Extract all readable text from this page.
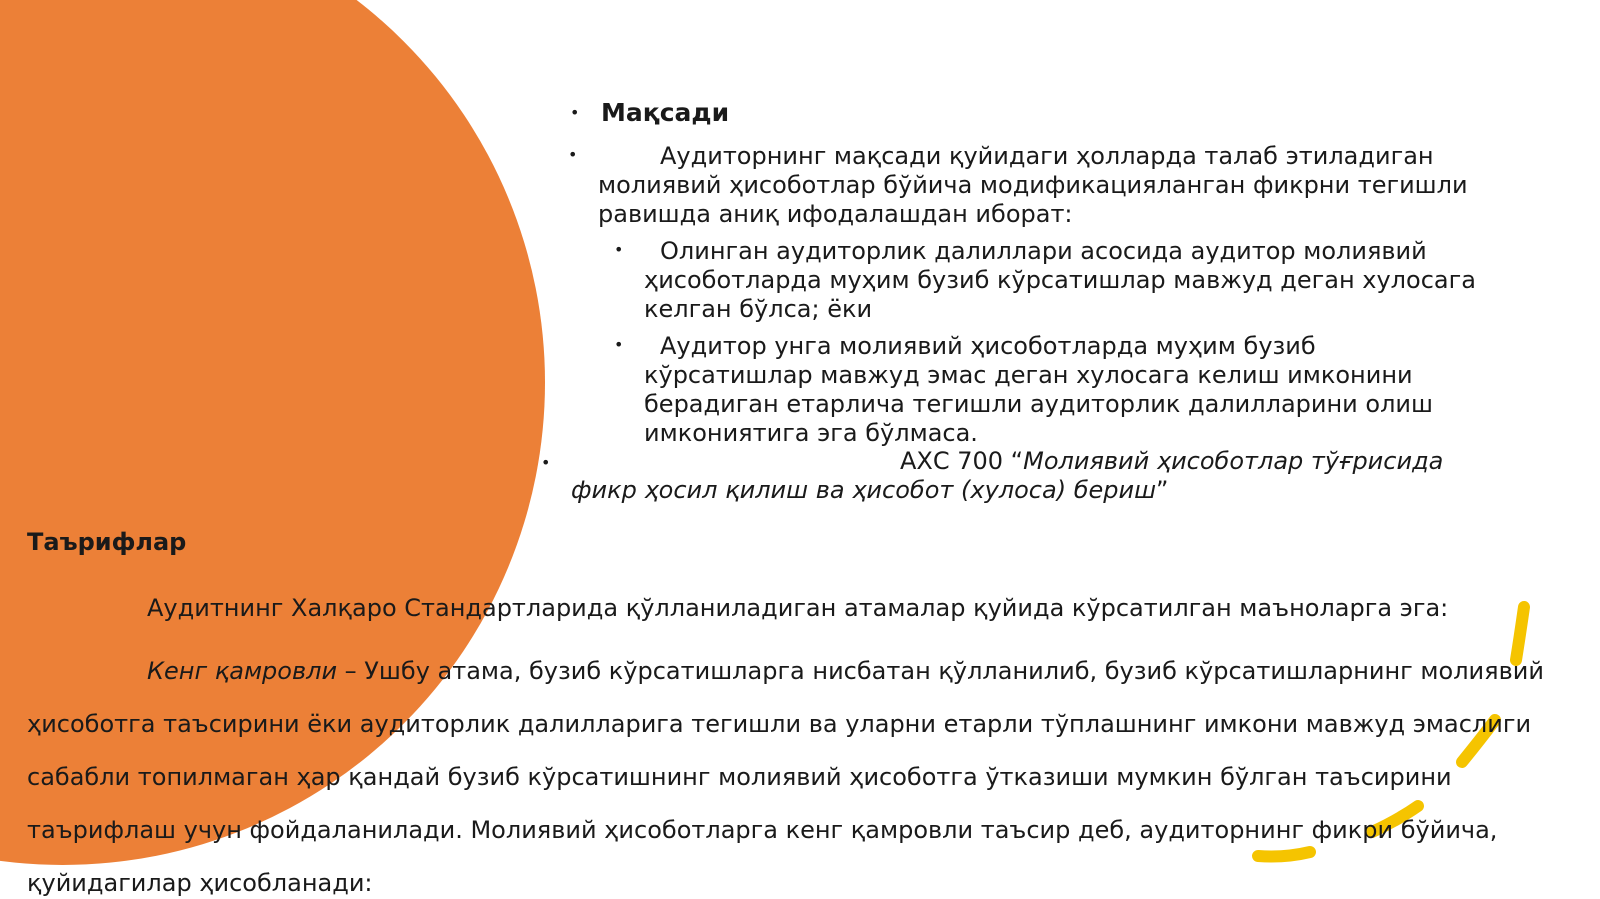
• Мақсади
•	Аудиторнинг мақсади қуйидаги ҳолларда талаб этиладиган
молиявий ҳисоботлар бўйича модификацияланган фикрни тегишли
равишда аниқ ифодалашдан иборат:
• Олинган аудиторлик далиллари асосида аудитор молиявий
ҳисоботларда муҳим бузиб кўрсатишлар мавжуд деган хулосага
келган бўлса; ёки
• Аудитор унга молиявий ҳисоботларда муҳим бузиб
кўрсатишлар мавжуд эмас деган хулосага келиш имконини
берадиган етарлича тегишли аудиторлик далилларини олиш
имкониятига эга бўлмаса.
•	АХС 700 “Молиявий ҳисоботлар тўғрисида
фикр ҳосил қилиш ва ҳисобот (хулоса) бериш”
Таърифлар
Аудитнинг Халқаро Стандартларида қўлланиладиган атамалар қуйида кўрсатилган маъноларга эга:
Кенг қамровли – Ушбу атама, бузиб кўрсатишларга нисбатан қўлланилиб, бузиб кўрсатишларнинг молиявий
ҳисоботга таъсирини ёки аудиторлик далилларига тегишли ва уларни етарли тўплашнинг имкони мавжуд эмаслиги
сабабли топилмаган ҳар қандай бузиб кўрсатишнинг молиявий ҳисоботга ўтказиши мумкин бўлган таъсирини
таърифлаш учун фойдаланилади. Молиявий ҳисоботларга кенг қамровли таъсир деб, аудиторнинг фикри бўйича,
қуйидагилар ҳисобланади:
